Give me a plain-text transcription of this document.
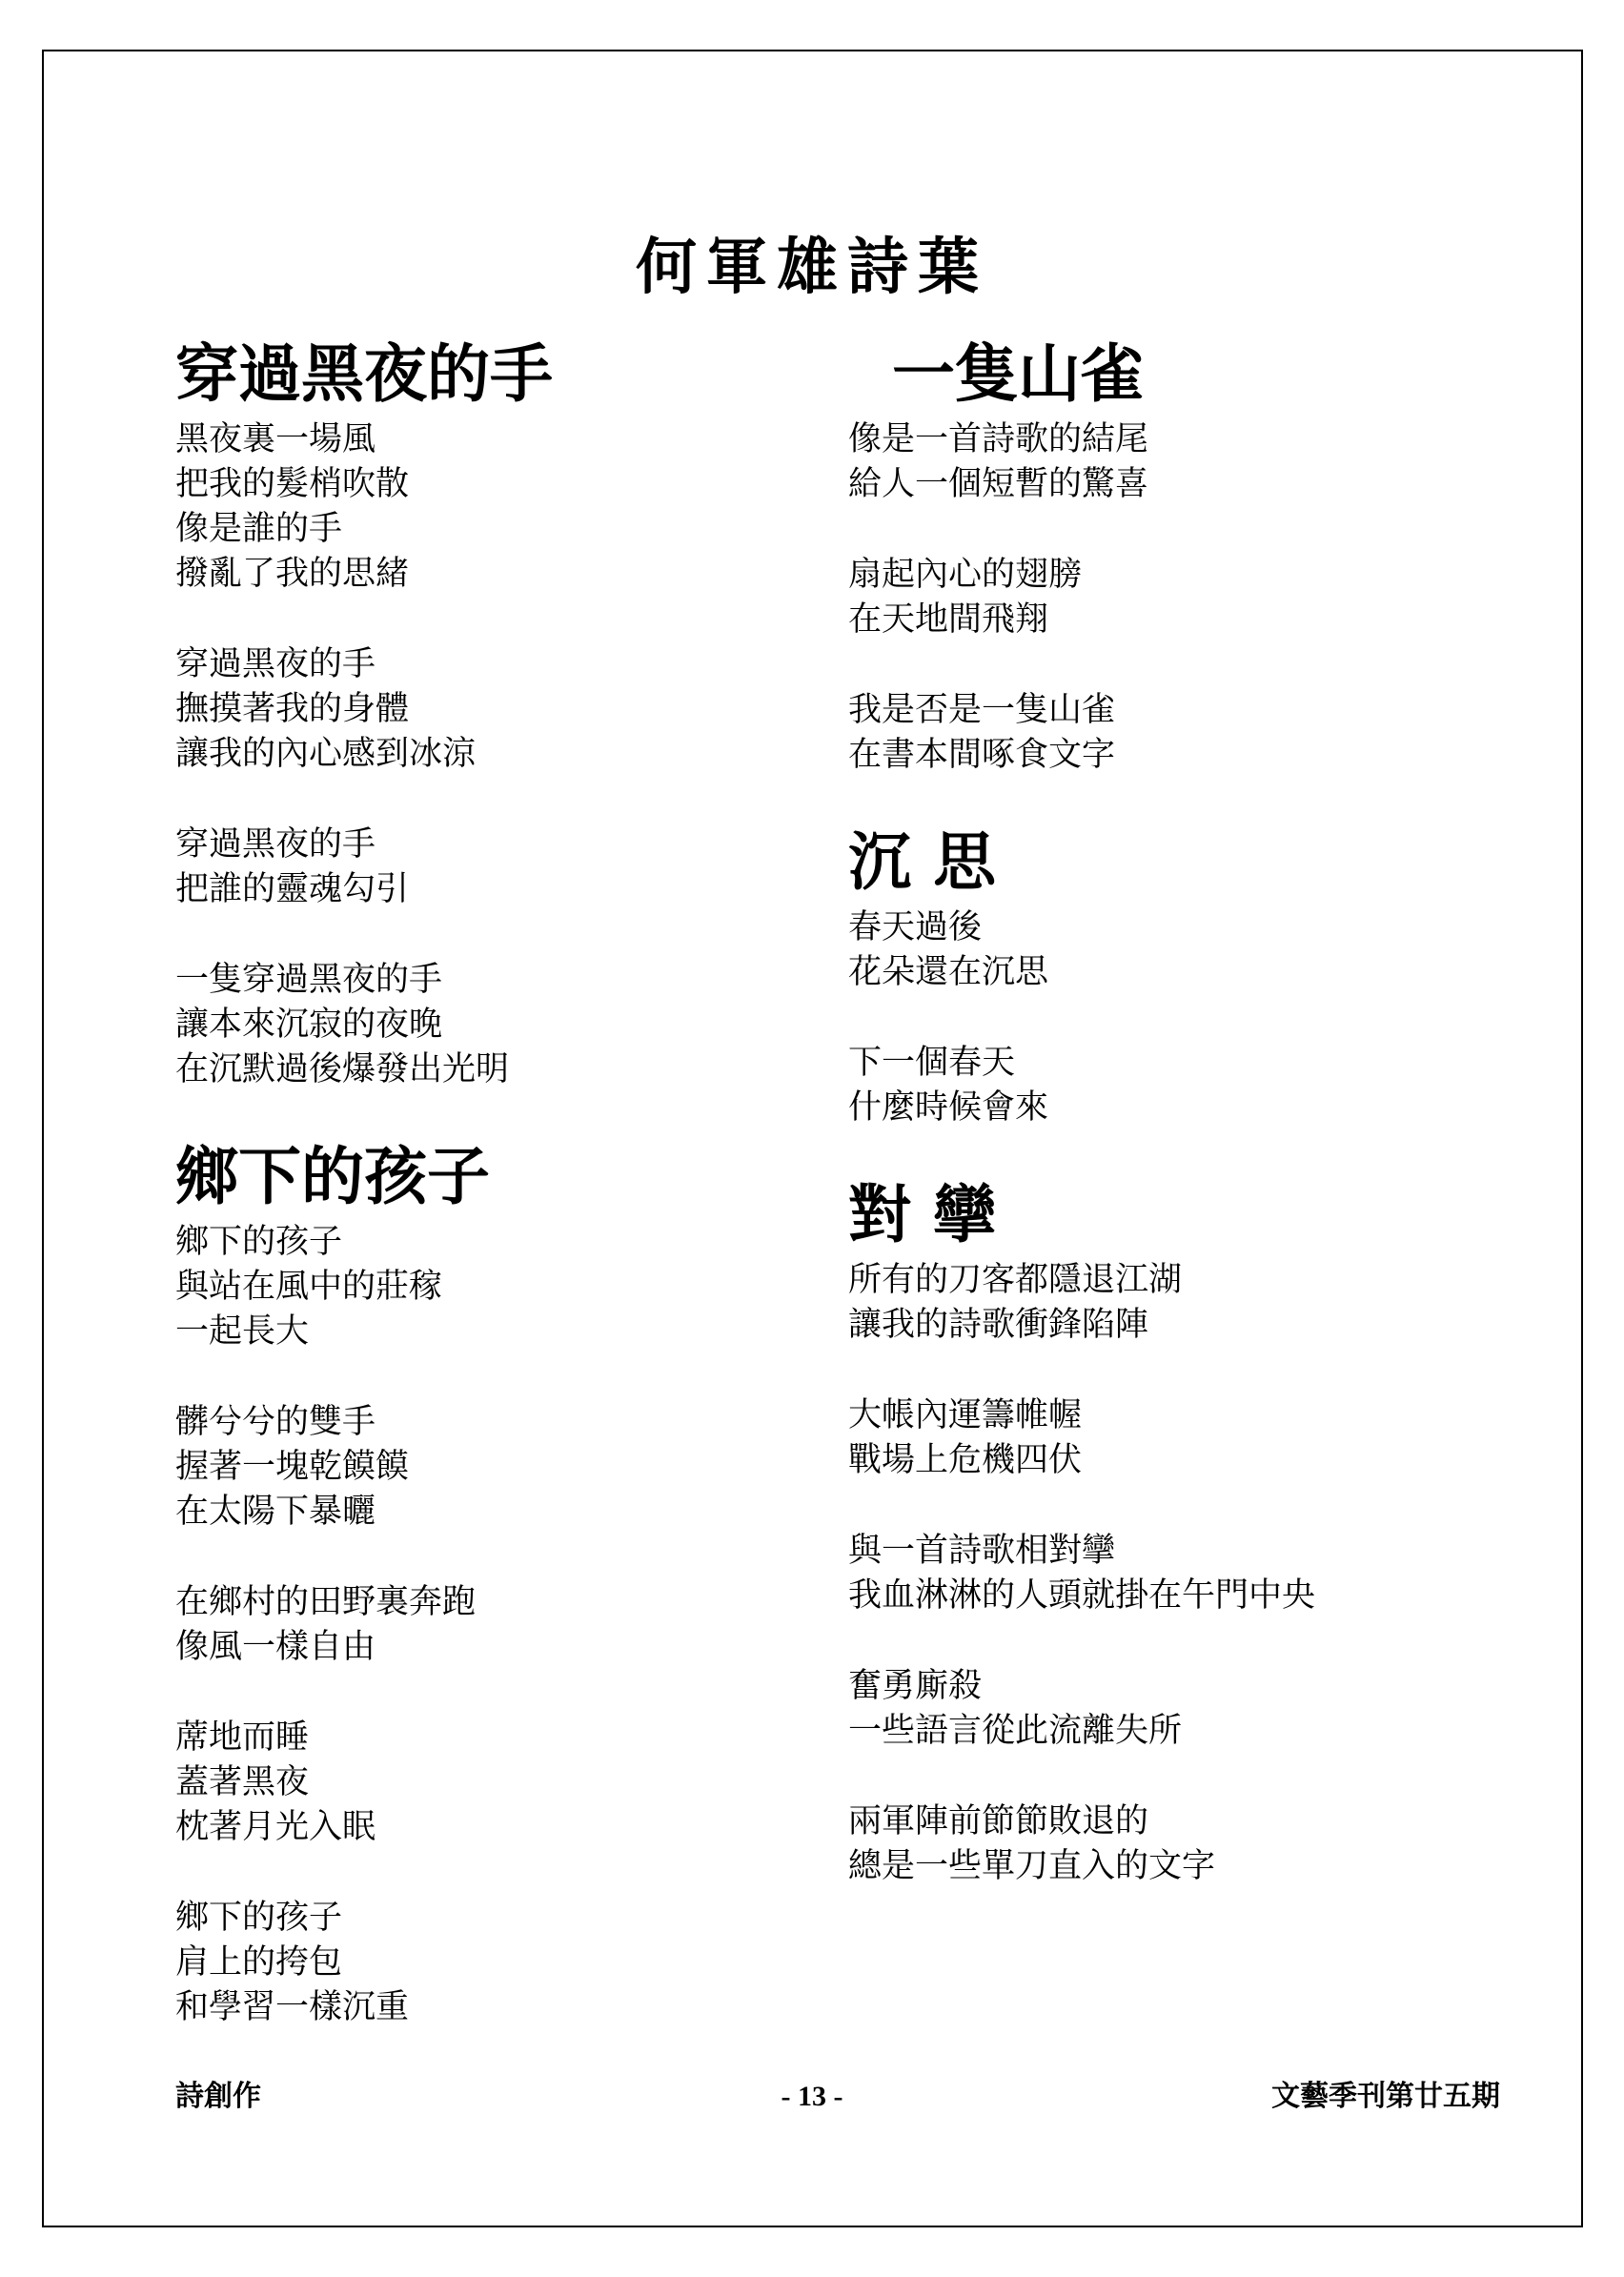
何軍雄詩葉
穿過黑夜的手
黑夜裏一場風
把我的髮梢吹散
像是誰的手
撥亂了我的思緒
穿過黑夜的手
撫摸著我的身體
讓我的內心感到冰涼
穿過黑夜的手
把誰的靈魂勾引
一隻穿過黑夜的手
讓本來沉寂的夜晚
在沉默過後爆發出光明
鄉下的孩子
鄉下的孩子
與站在風中的莊稼
一起長大
髒兮兮的雙手
握著一塊乾饃饃
在太陽下暴曬
在鄉村的田野裏奔跑
像風一樣自由
蓆地而睡
蓋著黑夜
枕著月光入眠
鄉下的孩子
肩上的挎包
和學習一樣沉重
一隻山雀
像是一首詩歌的結尾
給人一個短暫的驚喜
扇起內心的翅膀
在天地間飛翔
我是否是一隻山雀
在書本間啄食文字
沉 思
春天過後
花朵還在沉思
下一個春天
什麼時候會來
對 攣
所有的刀客都隱退江湖
讓我的詩歌衝鋒陷陣
大帳內運籌帷幄
戰場上危機四伏
與一首詩歌相對攣
我血淋淋的人頭就掛在午門中央
奮勇廝殺
一些語言從此流離失所
兩軍陣前節節敗退的
總是一些單刀直入的文字
詩創作	- 13 -	文藝季刊第廿五期
